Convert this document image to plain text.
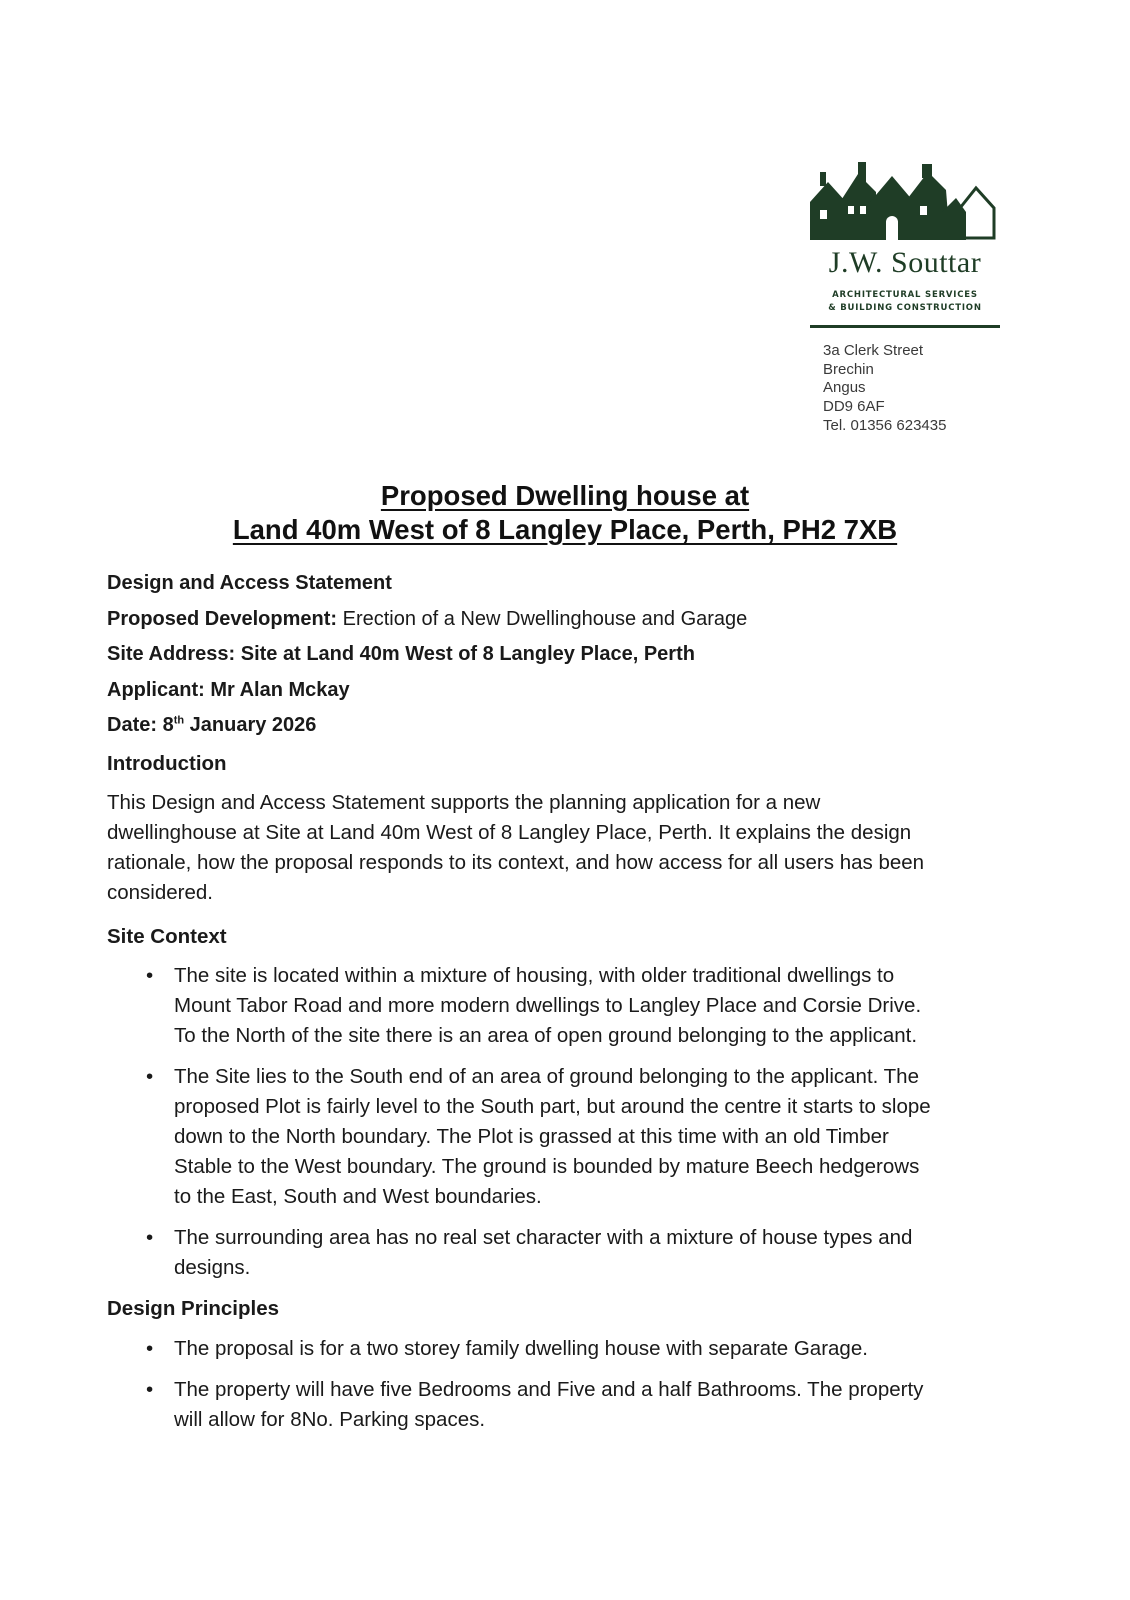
J.W. Souttar
ARCHITECTURAL SERVICES
& BUILDING CONSTRUCTION
3a Clerk Street
Brechin
Angus
DD9 6AF
Tel. 01356 623435
Proposed Dwelling house at
Land 40m West of 8 Langley Place, Perth, PH2 7XB
Design and Access Statement
Proposed Development: Erection of a New Dwellinghouse and Garage
Site Address: Site at Land 40m West of 8 Langley Place, Perth
Applicant: Mr Alan Mckay
Date: 8th January 2026
Introduction
This Design and Access Statement supports the planning application for a new
dwellinghouse at Site at Land 40m West of 8 Langley Place, Perth. It explains the design
rationale, how the proposal responds to its context, and how access for all users has been
considered.
Site Context
• The site is located within a mixture of housing, with older traditional dwellings to
Mount Tabor Road and more modern dwellings to Langley Place and Corsie Drive.
To the North of the site there is an area of open ground belonging to the applicant.
• The Site lies to the South end of an area of ground belonging to the applicant. The
proposed Plot is fairly level to the South part, but around the centre it starts to slope
down to the North boundary. The Plot is grassed at this time with an old Timber
Stable to the West boundary. The ground is bounded by mature Beech hedgerows
to the East, South and West boundaries.
• The surrounding area has no real set character with a mixture of house types and
designs.
Design Principles
• The proposal is for a two storey family dwelling house with separate Garage.
• The property will have five Bedrooms and Five and a half Bathrooms. The property
will allow for 8No. Parking spaces.
